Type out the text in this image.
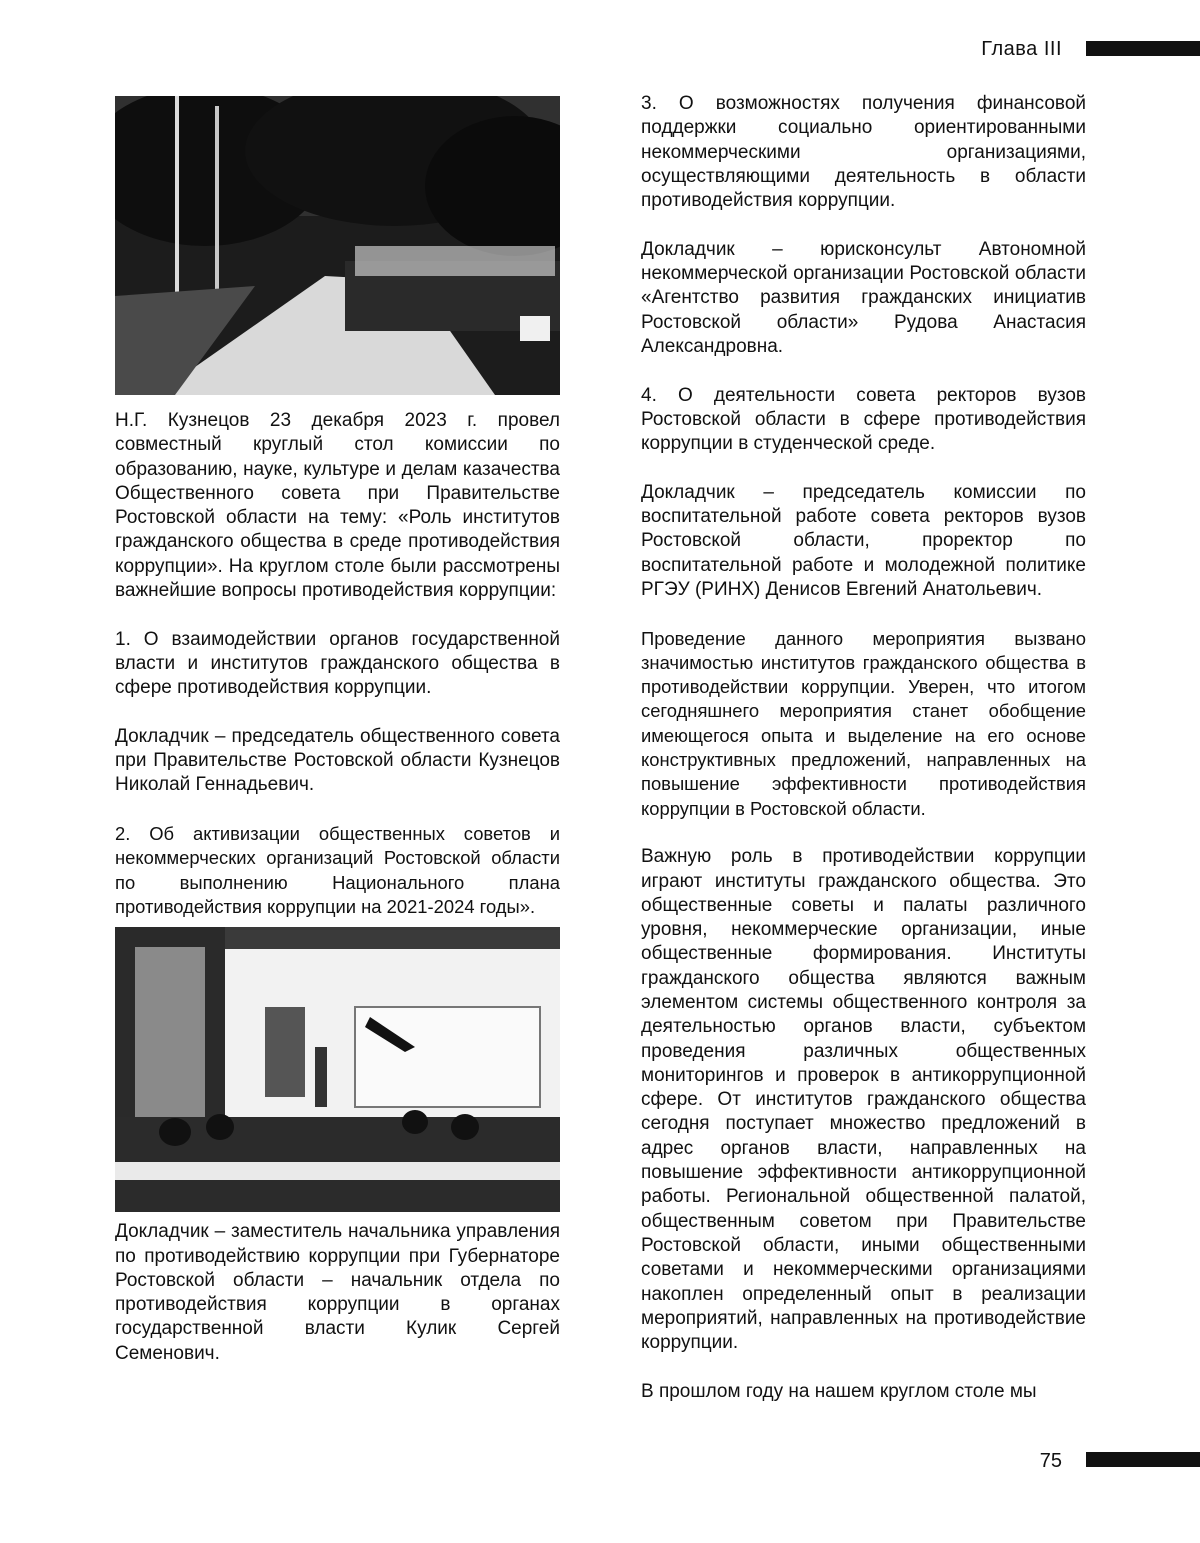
Глава III

Н.Г. Кузнецов 23 декабря 2023 г. провел совместный круглый стол комиссии по образованию, науке, культуре и делам казачества Общественного совета при Правительстве Ростовской области на тему: «Роль институтов гражданского общества в среде противодействия коррупции». На круглом столе были рассмотрены важнейшие вопросы противодействия коррупции:

1. О взаимодействии органов государственной власти и институтов гражданского общества в сфере противодействия коррупции.

Докладчик – председатель общественного совета при Правительстве Ростовской области Кузнецов Николай Геннадьевич.

2. Об активизации общественных советов и некоммерческих организаций Ростовской области по выполнению Национального плана противодействия коррупции на 2021-2024 годы».

Докладчик – заместитель начальника управления по противодействию коррупции при Губернаторе Ростовской области – начальник отдела по противодействия коррупции в органах государственной власти Кулик Сергей Семенович.

3. О возможностях получения финансовой поддержки социально ориентированными некоммерческими организациями, осуществляющими деятельность в области противодействия коррупции.

Докладчик – юрисконсульт Автономной некоммерческой организации Ростовской области «Агентство развития гражданских инициатив Ростовской области» Рудова Анастасия Александровна.

4. О деятельности совета ректоров вузов Ростовской области в сфере противодействия коррупции в студенческой среде.

Докладчик – председатель комиссии по воспитательной работе совета ректоров вузов Ростовской области, проректор по воспитательной работе и молодежной политике РГЭУ (РИНХ) Денисов Евгений Анатольевич.

Проведение данного мероприятия вызвано значимостью институтов гражданского общества в противодействии коррупции. Уверен, что итогом сегодняшнего мероприятия станет обобщение имеющегося опыта и выделение на его основе конструктивных предложений, направленных на повышение эффективности противодействия коррупции в Ростовской области.

Важную роль в противодействии коррупции играют институты гражданского общества. Это общественные советы и палаты различного уровня, некоммерческие организации, иные общественные формирования. Институты гражданского общества являются важным элементом системы общественного контроля за деятельностью органов власти, субъектом проведения различных общественных мониторингов и проверок в антикоррупционной сфере. От институтов гражданского общества сегодня поступает множество предложений в адрес органов власти, направленных на повышение эффективности антикоррупционной работы. Региональной общественной палатой, общественным советом при Правительстве Ростовской области, иными общественными советами и некоммерческими организациями накоплен определенный опыт в реализации мероприятий, направленных на противодействие коррупции.

В прошлом году на нашем круглом столе мы

75
